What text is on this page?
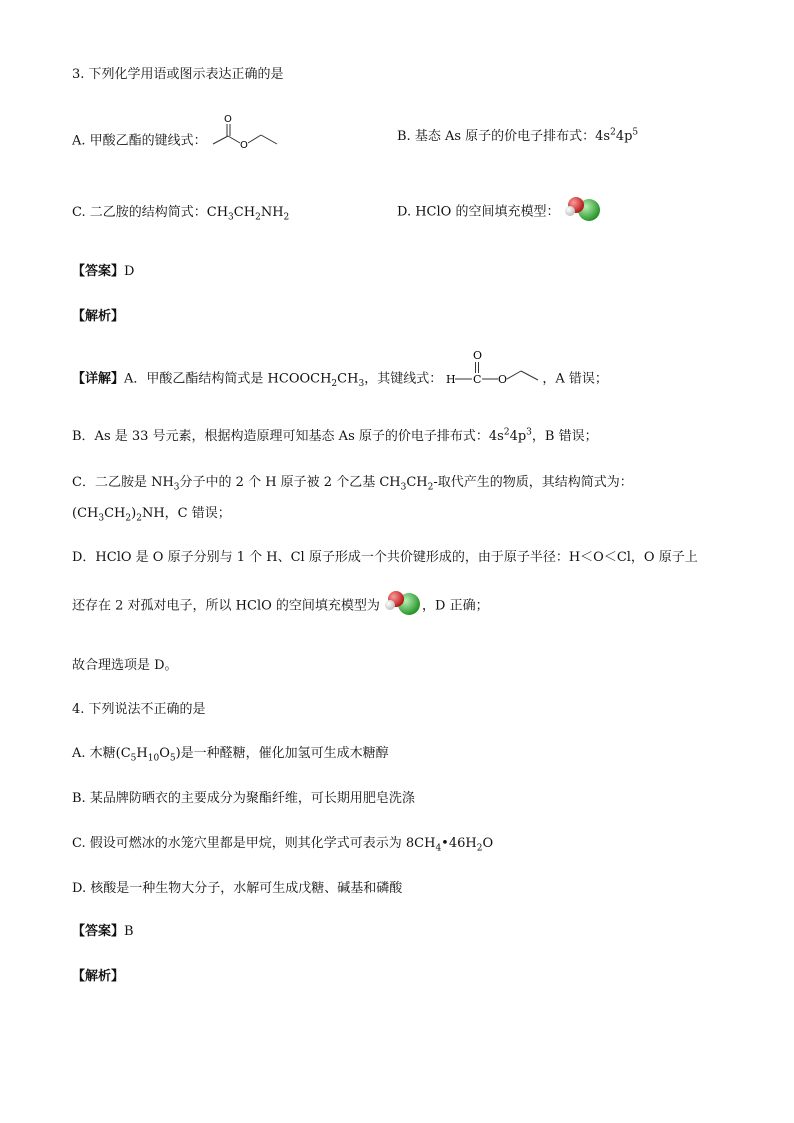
3. 下列化学用语或图示表达正确的是
A. 甲酸乙酯的键线式：
O
O
B. 基态 As 原子的价电子排布式：$4s^24p^5$
C. 二乙胺的结构简式：$CH_3CH_2NH_2$	D. HClO 的空间填充模型：
【答案】D
【解析】
【详解】A．甲酸乙酯结构简式是 $HCOOCH_2CH_3$，其键线式： H C
O
O	，A 错误；
B．As 是 33 号元素，根据构造原理可知基态 As 原子的价电子排布式：$4s^24p^3$，B 错误；
C．二乙胺是 $NH_3$分子中的 2 个 H 原子被 2 个乙基 $CH_3CH_2-$取代产生的物质，其结构简式为：
$(CH_3CH_2)_2NH$，C 错误；
D．HClO 是 O 原子分别与 1 个 H、Cl 原子形成一个共价键形成的，由于原子半径：H＜O＜Cl，O 原子上
还存在 2 对孤对电子，所以 HClO 的空间填充模型为	，D 正确；
故合理选项是 D。
4. 下列说法不正确的是
A. 木糖$(C_5H_{10}O_5)$是一种醛糖，催化加氢可生成木糖醇
B. 某品牌防晒衣的主要成分为聚酯纤维，可长期用肥皂洗涤
C. 假设可燃冰的水笼穴里都是甲烷，则其化学式可表示为 $8CH_4•46H_2O$
D. 核酸是一种生物大分子，水解可生成戊糖、碱基和磷酸
【答案】B
【解析】
